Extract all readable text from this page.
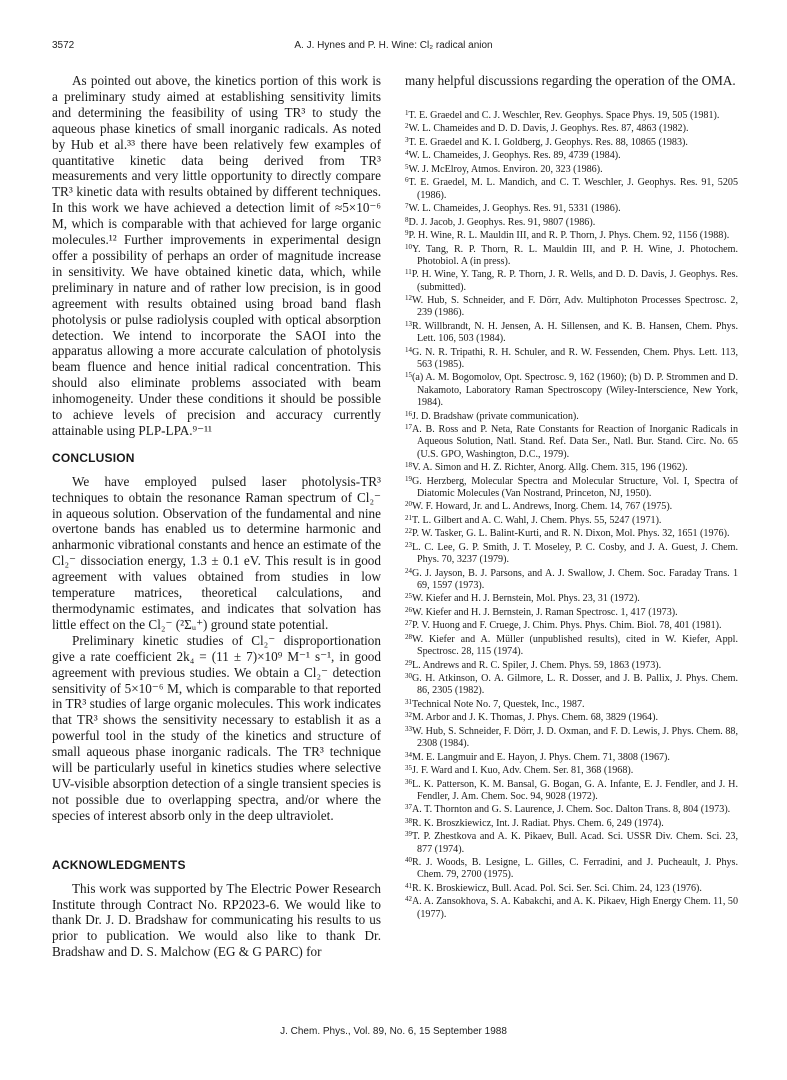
3572	A. J. Hynes and P. H. Wine: Cl₂ radical anion

As pointed out above, the kinetics portion of this work is a preliminary study aimed at establishing sensitivity limits and determining the feasibility of using TR³ to study the aqueous phase kinetics of small inorganic radicals. As noted by Hub et al.³³ there have been relatively few examples of quantitative kinetic data being derived from TR³ measurements and very little opportunity to directly compare TR³ kinetic data with results obtained by different techniques. In this work we have achieved a detection limit of ≈5×10⁻⁶ M, which is comparable with that achieved for large organic molecules.¹² Further improvements in experimental design offer a possibility of perhaps an order of magnitude increase in sensitivity. We have obtained kinetic data, which, while preliminary in nature and of rather low precision, is in good agreement with results obtained using broad band flash photolysis or pulse radiolysis coupled with optical absorption detection. We intend to incorporate the SAOI into the apparatus allowing a more accurate calculation of photolysis beam fluence and hence initial radical concentration. This should also eliminate problems associated with beam inhomogeneity. Under these conditions it should be possible to achieve levels of precision and accuracy currently attainable using PLP-LPA.⁹⁻¹¹

CONCLUSION

We have employed pulsed laser photolysis-TR³ techniques to obtain the resonance Raman spectrum of Cl₂⁻ in aqueous solution. Observation of the fundamental and nine overtone bands has enabled us to determine harmonic and anharmonic vibrational constants and hence an estimate of the Cl₂⁻ dissociation energy, 1.3 ± 0.1 eV. This result is in good agreement with values obtained from studies in low temperature matrices, theoretical calculations, and thermodynamic estimates, and indicates that solvation has little effect on the Cl₂⁻ (²Σᵤ⁺) ground state potential.

Preliminary kinetic studies of Cl₂⁻ disproportionation give a rate coefficient 2k₄ = (11 ± 7)×10⁹ M⁻¹ s⁻¹, in good agreement with previous studies. We obtain a Cl₂⁻ detection sensitivity of 5×10⁻⁶ M, which is comparable to that reported in TR³ studies of large organic molecules. This work indicates that TR³ shows the sensitivity necessary to establish it as a powerful tool in the study of the kinetics and structure of small aqueous phase inorganic radicals. The TR³ technique will be particularly useful in kinetics studies where selective UV-visible absorption detection of a single transient species is not possible due to overlapping spectra, and/or where the species of interest absorb only in the deep ultraviolet.

ACKNOWLEDGMENTS

This work was supported by The Electric Power Research Institute through Contract No. RP2023-6. We would like to thank Dr. J. D. Bradshaw for communicating his results to us prior to publication. We would also like to thank Dr. Bradshaw and D. S. Malchow (EG & G PARC) for

many helpful discussions regarding the operation of the OMA.

$^1$T. E. Graedel and C. J. Weschler, Rev. Geophys. Space Phys. 19, 505 (1981).
$^2$W. L. Chameides and D. D. Davis, J. Geophys. Res. 87, 4863 (1982).
$^3$T. E. Graedel and K. I. Goldberg, J. Geophys. Res. 88, 10865 (1983).
$^4$W. L. Chameides, J. Geophys. Res. 89, 4739 (1984).
$^5$W. J. McElroy, Atmos. Environ. 20, 323 (1986).
$^6$T. E. Graedel, M. L. Mandich, and C. T. Weschler, J. Geophys. Res. 91, 5205 (1986).
$^7$W. L. Chameides, J. Geophys. Res. 91, 5331 (1986).
$^8$D. J. Jacob, J. Geophys. Res. 91, 9807 (1986).
$^9$P. H. Wine, R. L. Mauldin III, and R. P. Thorn, J. Phys. Chem. 92, 1156 (1988).
$^{10}$Y. Tang, R. P. Thorn, R. L. Mauldin III, and P. H. Wine, J. Photochem. Photobiol. A (in press).
$^{11}$P. H. Wine, Y. Tang, R. P. Thorn, J. R. Wells, and D. D. Davis, J. Geophys. Res. (submitted).
$^{12}$W. Hub, S. Schneider, and F. Dörr, Adv. Multiphoton Processes Spectrosc. 2, 239 (1986).
$^{13}$R. Willbrandt, N. H. Jensen, A. H. Sillensen, and K. B. Hansen, Chem. Phys. Lett. 106, 503 (1984).
$^{14}$G. N. R. Tripathi, R. H. Schuler, and R. W. Fessenden, Chem. Phys. Lett. 113, 563 (1985).
$^{15}$(a) A. M. Bogomolov, Opt. Spectrosc. 9, 162 (1960); (b) D. P. Strommen and D. Nakamoto, Laboratory Raman Spectroscopy (Wiley-Interscience, New York, 1984).
$^{16}$J. D. Bradshaw (private communication).
$^{17}$A. B. Ross and P. Neta, Rate Constants for Reaction of Inorganic Radicals in Aqueous Solution, Natl. Stand. Ref. Data Ser., Natl. Bur. Stand. Circ. No. 65 (U.S. GPO, Washington, D.C., 1979).
$^{18}$V. A. Simon and H. Z. Richter, Anorg. Allg. Chem. 315, 196 (1962).
$^{19}$G. Herzberg, Molecular Spectra and Molecular Structure, Vol. I, Spectra of Diatomic Molecules (Van Nostrand, Princeton, NJ, 1950).
$^{20}$W. F. Howard, Jr. and L. Andrews, Inorg. Chem. 14, 767 (1975).
$^{21}$T. L. Gilbert and A. C. Wahl, J. Chem. Phys. 55, 5247 (1971).
$^{22}$P. W. Tasker, G. L. Balint-Kurti, and R. N. Dixon, Mol. Phys. 32, 1651 (1976).
$^{23}$L. C. Lee, G. P. Smith, J. T. Moseley, P. C. Cosby, and J. A. Guest, J. Chem. Phys. 70, 3237 (1979).
$^{24}$G. J. Jayson, B. J. Parsons, and A. J. Swallow, J. Chem. Soc. Faraday Trans. 1 69, 1597 (1973).
$^{25}$W. Kiefer and H. J. Bernstein, Mol. Phys. 23, 31 (1972).
$^{26}$W. Kiefer and H. J. Bernstein, J. Raman Spectrosc. 1, 417 (1973).
$^{27}$P. V. Huong and F. Cruege, J. Chim. Phys. Phys. Chim. Biol. 78, 401 (1981).
$^{28}$W. Kiefer and A. Müller (unpublished results), cited in W. Kiefer, Appl. Spectrosc. 28, 115 (1974).
$^{29}$L. Andrews and R. C. Spiler, J. Chem. Phys. 59, 1863 (1973).
$^{30}$G. H. Atkinson, O. A. Gilmore, L. R. Dosser, and J. B. Pallix, J. Phys. Chem. 86, 2305 (1982).
$^{31}$Technical Note No. 7, Questek, Inc., 1987.
$^{32}$M. Arbor and J. K. Thomas, J. Phys. Chem. 68, 3829 (1964).
$^{33}$W. Hub, S. Schneider, F. Dörr, J. D. Oxman, and F. D. Lewis, J. Phys. Chem. 88, 2308 (1984).
$^{34}$M. E. Langmuir and E. Hayon, J. Phys. Chem. 71, 3808 (1967).
$^{35}$J. F. Ward and I. Kuo, Adv. Chem. Ser. 81, 368 (1968).
$^{36}$L. K. Patterson, K. M. Bansal, G. Bogan, G. A. Infante, E. J. Fendler, and J. H. Fendler, J. Am. Chem. Soc. 94, 9028 (1972).
$^{37}$A. T. Thornton and G. S. Laurence, J. Chem. Soc. Dalton Trans. 8, 804 (1973).
$^{38}$R. K. Broszkiewicz, Int. J. Radiat. Phys. Chem. 6, 249 (1974).
$^{39}$T. P. Zhestkova and A. K. Pikaev, Bull. Acad. Sci. USSR Div. Chem. Sci. 23, 877 (1974).
$^{40}$R. J. Woods, B. Lesigne, L. Gilles, C. Ferradini, and J. Pucheault, J. Phys. Chem. 79, 2700 (1975).
$^{41}$R. K. Broskiewicz, Bull. Acad. Pol. Sci. Ser. Sci. Chim. 24, 123 (1976).
$^{42}$A. A. Zansokhova, S. A. Kabakchi, and A. K. Pikaev, High Energy Chem. 11, 50 (1977).
J. Chem. Phys., Vol. 89, No. 6, 15 September 1988
